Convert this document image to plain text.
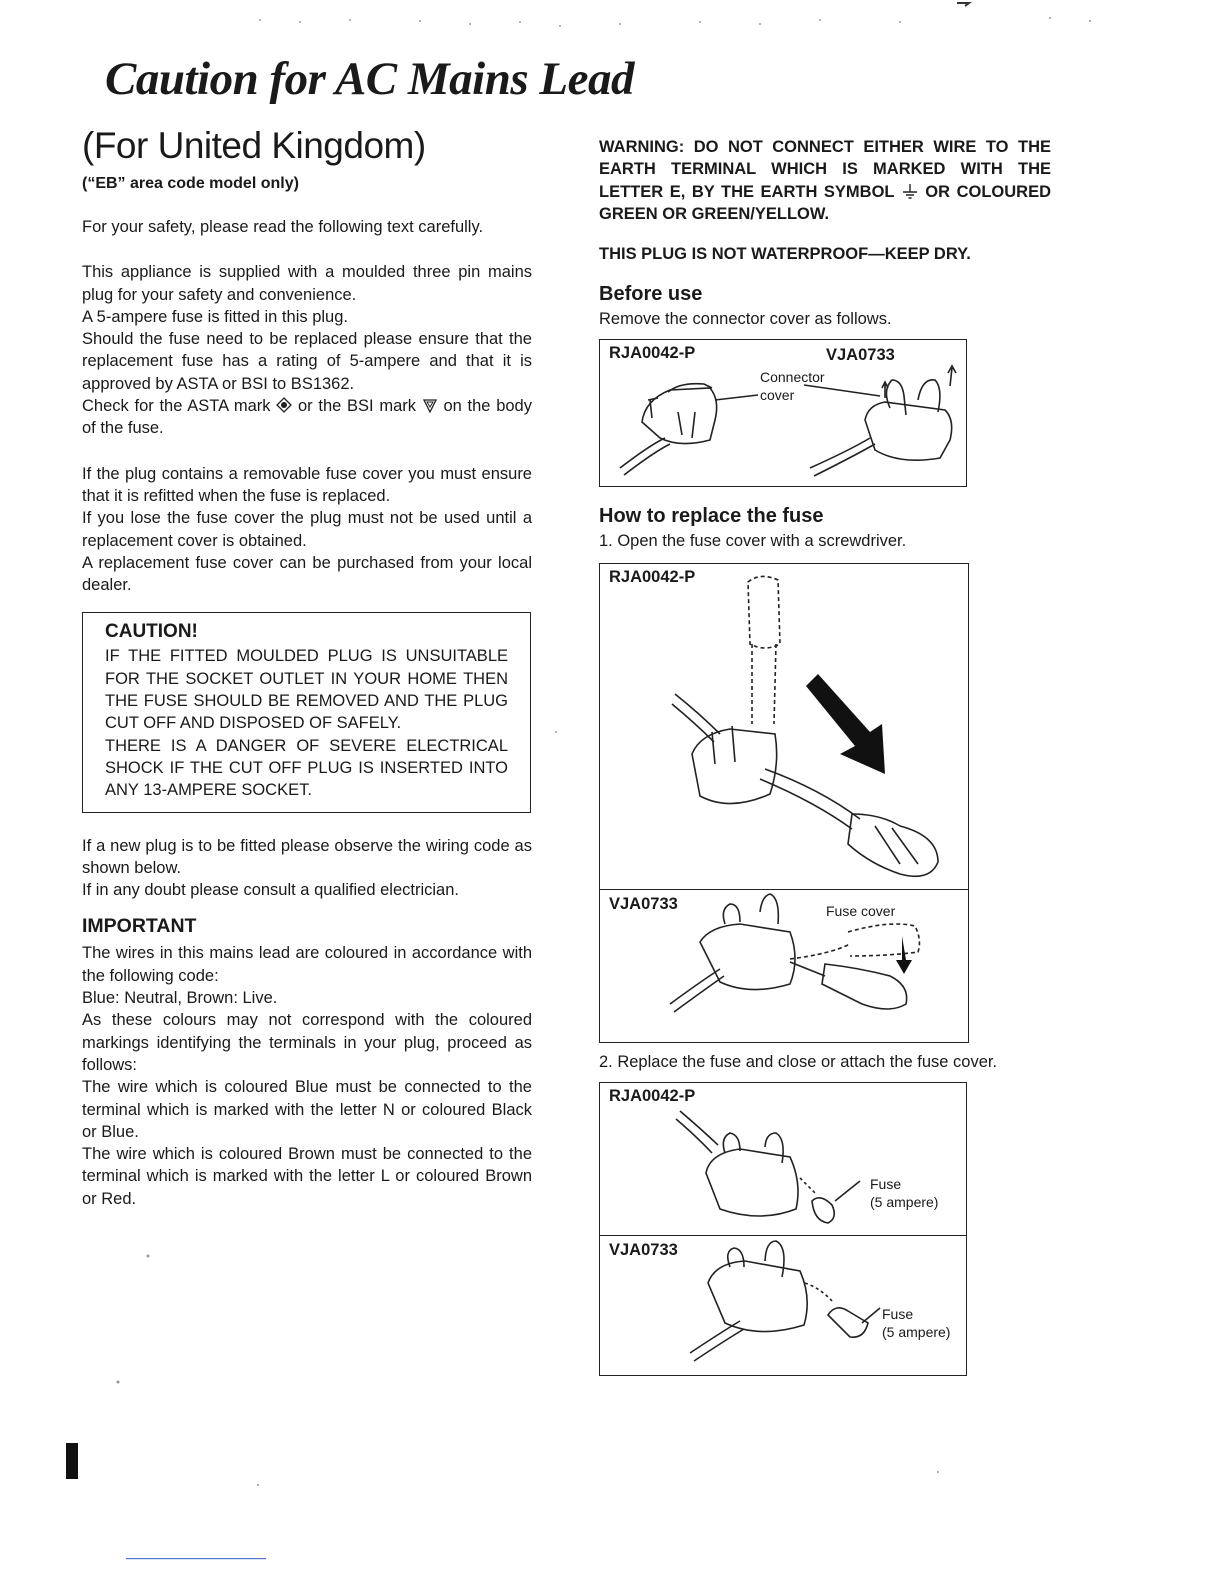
Caution for AC Mains Lead
(For United Kingdom)

(“EB” area code model only)

For your safety, please read the following text carefully.

This appliance is supplied with a moulded three pin mains plug for your safety and convenience.

A 5-ampere fuse is fitted in this plug.

Should the fuse need to be replaced please ensure that the replacement fuse has a rating of 5-ampere and that it is approved by ASTA or BSI to BS1362.

Check for the ASTA mark or the BSI mark on the body of the fuse.

If the plug contains a removable fuse cover you must ensure that it is refitted when the fuse is replaced.

If you lose the fuse cover the plug must not be used until a replacement cover is obtained.

A replacement fuse cover can be purchased from your local dealer.

CAUTION!

IF THE FITTED MOULDED PLUG IS UNSUITABLE FOR THE SOCKET OUTLET IN YOUR HOME THEN THE FUSE SHOULD BE REMOVED AND THE PLUG CUT OFF AND DISPOSED OF SAFELY.

THERE IS A DANGER OF SEVERE ELECTRICAL SHOCK IF THE CUT OFF PLUG IS INSERTED INTO ANY 13-AMPERE SOCKET.

If a new plug is to be fitted please observe the wiring code as shown below.

If in any doubt please consult a qualified electrician.

IMPORTANT

The wires in this mains lead are coloured in accordance with the following code:

Blue: Neutral, Brown: Live.

As these colours may not correspond with the coloured markings identifying the terminals in your plug, proceed as follows:

The wire which is coloured Blue must be connected to the terminal which is marked with the letter N or coloured Black or Blue.

The wire which is coloured Brown must be connected to the terminal which is marked with the letter L or coloured Brown or Red.

WARNING: DO NOT CONNECT EITHER WIRE TO THE EARTH TERMINAL WHICH IS MARKED WITH THE LETTER E, BY THE EARTH SYMBOL OR COLOURED GREEN OR GREEN/YELLOW.

THIS PLUG IS NOT WATERPROOF—KEEP DRY.

Before use

Remove the connector cover as follows.

RJA0042-P	VJA0733
Connector
cover

How to replace the fuse

1. Open the fuse cover with a screwdriver.

RJA0042-P
VJA0733	Fuse cover

2. Replace the fuse and close or attach the fuse cover.

RJA0042-P
Fuse
(5 ampere)
VJA0733
Fuse
(5 ampere)
